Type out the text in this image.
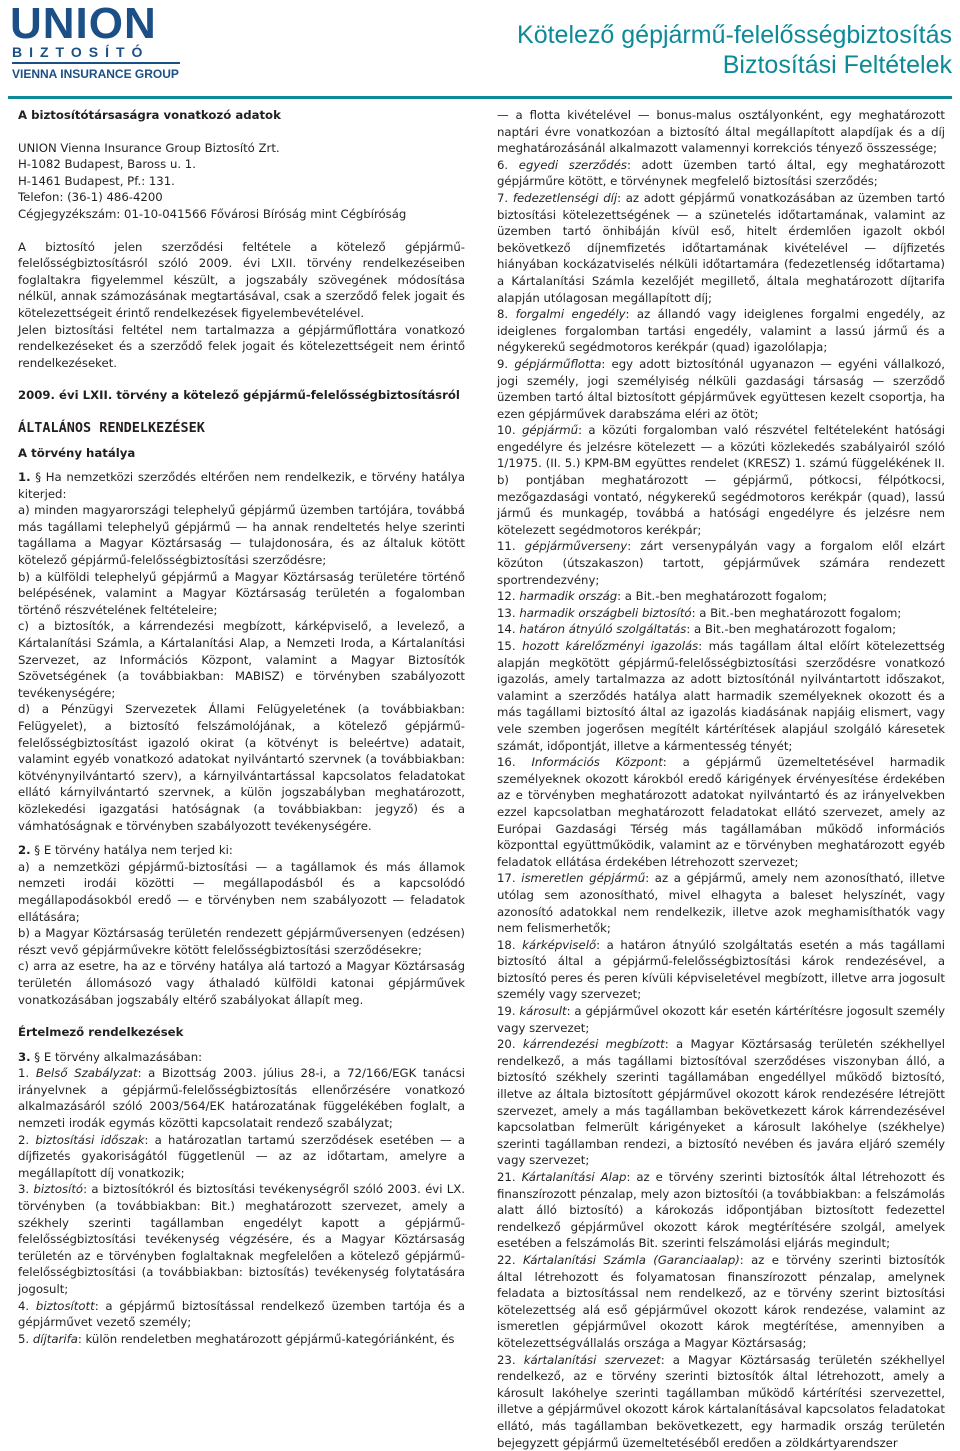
UNION
BIZTOSÍTÓ
VIENNA INSURANCE GROUP
Kötelező gépjármű-felelősségbiztosítás
Biztosítási Feltételek

A biztosítótársaságra vonatkozó adatok

UNION Vienna Insurance Group Biztosító Zrt.

H-1082 Budapest, Baross u. 1.

H-1461 Budapest, Pf.: 131.

Telefon: (36-1) 486-4200

Cégjegyzékszám: 01-10-041566 Fővárosi Bíróság mint Cégbíróság

A biztosító jelen szerződési feltétele a kötelező gépjármű-felelősségbiztosításról szóló 2009. évi LXII. törvény rendelkezéseiben foglaltakra figyelemmel készült, a jogszabály szövegének módosítása nélkül, annak számozásának megtartásával, csak a szerződő felek jogait és kötelezettségeit érintő rendelkezések figyelembevételével.

Jelen biztosítási feltétel nem tartalmazza a gépjárműflottára vonatkozó rendelkezéseket és a szerződő felek jogait és kötelezettségeit nem érintő rendelkezéseket.

2009. évi LXII. törvény a kötelező gépjármű-felelősségbiztosításról

ÁLTALÁNOS RENDELKEZÉSEK

A törvény hatálya

1. § Ha nemzetközi szerződés eltérően nem rendelkezik, e törvény hatálya kiterjed:

a) minden magyarországi telephelyű gépjármű üzemben tartójára, továbbá más tagállami telephelyű gépjármű — ha annak rendeltetés helye szerinti tagállama a Magyar Köztársaság — tulajdonosára, és az általuk kötött kötelező gépjármű-felelősségbiztosítási szerződésre;

b) a külföldi telephelyű gépjármű a Magyar Köztársaság területére történő belépésének, valamint a Magyar Köztársaság területén a fogalomban történő részvételének feltételeire;

c) a biztosítók, a kárrendezési megbízott, kárképviselő, a levelező, a Kártalanítási Számla, a Kártalanítási Alap, a Nemzeti Iroda, a Kártalanítási Szervezet, az Információs Központ, valamint a Magyar Biztosítók Szövetségének (a továbbiakban: MABISZ) e törvényben szabályozott tevékenységére;

d) a Pénzügyi Szervezetek Állami Felügyeletének (a továbbiakban: Felügyelet), a biztosító felszámolójának, a kötelező gépjármű-felelősségbiztosítást igazoló okirat (a kötvényt is beleértve) adatait, valamint egyéb vonatkozó adatokat nyilvántartó szervnek (a továbbiakban: kötvénynyilvántartó szerv), a kárnyilvántartással kapcsolatos feladatokat ellátó kárnyilvántartó szervnek, a külön jogszabályban meghatározott, közlekedési igazgatási hatóságnak (a továbbiakban: jegyző) és a vámhatóságnak e törvényben szabályozott tevékenységére.

2. § E törvény hatálya nem terjed ki:

a) a nemzetközi gépjármű-biztosítási — a tagállamok és más államok nemzeti irodái közötti — megállapodásból és a kapcsolódó megállapodásokból eredő — e törvényben nem szabályozott — feladatok ellátására;

b) a Magyar Köztársaság területén rendezett gépjárműversenyen (edzésen) részt vevő gépjárművekre kötött felelősségbiztosítási szerződésekre;

c) arra az esetre, ha az e törvény hatálya alá tartozó a Magyar Köztársaság területén állomásozó vagy áthaladó külföldi katonai gépjárművek vonatkozásában jogszabály eltérő szabályokat állapít meg.

Értelmező rendelkezések

3. § E törvény alkalmazásában:

1. Belső Szabályzat: a Bizottság 2003. július 28-i, a 72/166/EGK tanácsi irányelvnek a gépjármű-felelősségbiztosítás ellenőrzésére vonatkozó alkalmazásáról szóló 2003/564/EK határozatának függelékében foglalt, a nemzeti irodák egymás közötti kapcsolatait rendező szabályzat;

2. biztosítási időszak: a határozatlan tartamú szerződések esetében — a díjfizetés gyakoriságától függetlenül — az az időtartam, amelyre a megállapított díj vonatkozik;

3. biztosító: a biztosítókról és biztosítási tevékenységről szóló 2003. évi LX. törvényben (a továbbiakban: Bit.) meghatározott szervezet, amely a székhely szerinti tagállamban engedélyt kapott a gépjármű-felelősségbiztosítási tevékenység végzésére, és a Magyar Köztársaság területén az e törvényben foglaltaknak megfelelően a kötelező gépjármű-felelősségbiztosítási (a továbbiakban: biztosítás) tevékenység folytatására jogosult;

4. biztosított: a gépjármű biztosítással rendelkező üzemben tartója és a gépjárművet vezető személy;

5. díjtarifa: külön rendeletben meghatározott gépjármű-kategóriánként, és

— a flotta kivételével — bonus-malus osztályonként, egy meghatározott naptári évre vonatkozóan a biztosító által megállapított alapdíjak és a díj meghatározásánál alkalmazott valamennyi korrekciós tényező összessége;

6. egyedi szerződés: adott üzemben tartó által, egy meghatározott gépjárműre kötött, e törvénynek megfelelő biztosítási szerződés;

7. fedezetlenségi díj: az adott gépjármű vonatkozásában az üzemben tartó biztosítási kötelezettségének — a szünetelés időtartamának, valamint az üzemben tartó önhibáján kívül eső, hitelt érdemlően igazolt okból bekövetkező díjnemfizetés időtartamának kivételével — díjfizetés hiányában kockázatviselés nélküli időtartamára (fedezetlenség időtartama) a Kártalanítási Számla kezelőjét megillető, általa meghatározott díjtarifa alapján utólagosan megállapított díj;

8. forgalmi engedély: az állandó vagy ideiglenes forgalmi engedély, az ideiglenes forgalomban tartási engedély, valamint a lassú jármű és a négykerekű segédmotoros kerékpár (quad) igazolólapja;

9. gépjárműflotta: egy adott biztosítónál ugyanazon — egyéni vállalkozó, jogi személy, jogi személyiség nélküli gazdasági társaság — szerződő üzemben tartó által biztosított gépjárművek együttesen kezelt csoportja, ha ezen gépjárművek darabszáma eléri az ötöt;

10. gépjármű: a közúti forgalomban való részvétel feltételeként hatósági engedélyre és jelzésre kötelezett — a közúti közlekedés szabályairól szóló 1/1975. (II. 5.) KPM-BM együttes rendelet (KRESZ) 1. számú függelékének II. b) pontjában meghatározott — gépjármű, pótkocsi, félpótkocsi, mezőgazdasági vontató, négykerekű segédmotoros kerékpár (quad), lassú jármű és munkagép, továbbá a hatósági engedélyre és jelzésre nem kötelezett segédmotoros kerékpár;

11. gépjárműverseny: zárt versenypályán vagy a forgalom elől elzárt közúton (útszakaszon) tartott, gépjárművek számára rendezett sportrendezvény;

12. harmadik ország: a Bit.-ben meghatározott fogalom;

13. harmadik országbeli biztosító: a Bit.-ben meghatározott fogalom;

14. határon átnyúló szolgáltatás: a Bit.-ben meghatározott fogalom;

15. hozott kárelőzményi igazolás: más tagállam által előírt kötelezettség alapján megkötött gépjármű-felelősségbiztosítási szerződésre vonatkozó igazolás, amely tartalmazza az adott biztosítónál nyilvántartott időszakot, valamint a szerződés hatálya alatt harmadik személyeknek okozott és a más tagállami biztosító által az igazolás kiadásának napjáig elismert, vagy vele szemben jogerősen megítélt kártérítések alapjául szolgáló káresetek számát, időpontját, illetve a kármentesség tényét;

16. Információs Központ: a gépjármű üzemeltetésével harmadik személyeknek okozott károkból eredő kárigények érvényesítése érdekében az e törvényben meghatározott adatokat nyilvántartó és az irányelvekben ezzel kapcsolatban meghatározott feladatokat ellátó szervezet, amely az Európai Gazdasági Térség más tagállamában működő információs központtal együttműködik, valamint az e törvényben meghatározott egyéb feladatok ellátása érdekében létrehozott szervezet;

17. ismeretlen gépjármű: az a gépjármű, amely nem azonosítható, illetve utólag sem azonosítható, mivel elhagyta a baleset helyszínét, vagy azonosító adatokkal nem rendelkezik, illetve azok meghamisíthatók vagy nem felismerhetők;

18. kárképviselő: a határon átnyúló szolgáltatás esetén a más tagállami biztosító által a gépjármű-felelősségbiztosítási károk rendezésével, a biztosító peres és peren kívüli képviseletével megbízott, illetve arra jogosult személy vagy szervezet;

19. károsult: a gépjárművel okozott kár esetén kártérítésre jogosult személy vagy szervezet;

20. kárrendezési megbízott: a Magyar Köztársaság területén székhellyel rendelkező, a más tagállami biztosítóval szerződéses viszonyban álló, a biztosító székhely szerinti tagállamában engedéllyel működő biztosító, illetve az általa biztosított gépjárművel okozott károk rendezésére létrejött szervezet, amely a más tagállamban bekövetkezett károk kárrendezésével kapcsolatban felmerült kárigényeket a károsult lakóhelye (székhelye) szerinti tagállamban rendezi, a biztosító nevében és javára eljáró személy vagy szervezet;

21. Kártalanítási Alap: az e törvény szerinti biztosítók által létrehozott és finanszírozott pénzalap, mely azon biztosítói (a továbbiakban: a felszámolás alatt álló biztosító) a károkozás időpontjában biztosított fedezettel rendelkező gépjárművel okozott károk megtérítésére szolgál, amelyek esetében a felszámolás Bit. szerinti felszámolási eljárás megindult;

22. Kártalanítási Számla (Garanciaalap): az e törvény szerinti biztosítók által létrehozott és folyamatosan finanszírozott pénzalap, amelynek feladata a biztosítással nem rendelkező, az e törvény szerint biztosítási kötelezettség alá eső gépjárművel okozott károk rendezése, valamint az ismeretlen gépjárművel okozott károk megtérítése, amennyiben a kötelezettségvállalás országa a Magyar Köztársaság;

23. kártalanítási szervezet: a Magyar Köztársaság területén székhellyel rendelkező, az e törvény szerinti biztosítók által létrehozott, amely a károsult lakóhelye szerinti tagállamban működő kártérítési szervezettel, illetve a gépjárművel okozott károk kártalanításával kapcsolatos feladatokat ellátó, más tagállamban bekövetkezett, egy harmadik ország területén bejegyzett gépjármű üzemeltetéséből eredően a zöldkártyarendszer
